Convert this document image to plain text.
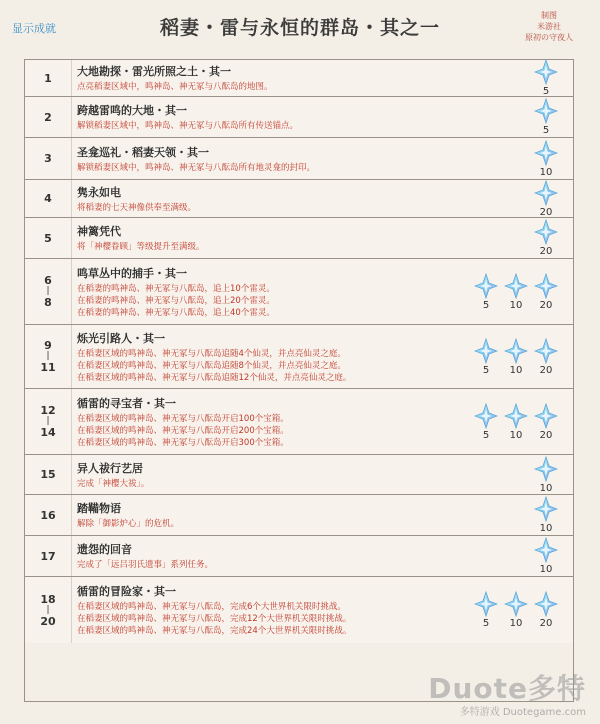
显示成就	稻妻・雷与永恒的群岛・其之一
制图
米游社
原初の守夜人
1 大地勘探・雷光所照之土・其一
点亮稻妻区域中，鸣神岛、神无冢与八酝岛的地图。	5
2 跨越雷鸣的大地・其一
解锁稻妻区域中，鸣神岛、神无冢与八酝岛所有传送锚点。	5
3 圣龛巡礼・稻妻天领・其一
解锁稻妻区域中，鸣神岛、神无冢与八酝岛所有地灵龛的封印。	10
4 隽永如电
将稻妻的七天神像供奉至满级。	20
5 神篱凭代
将「神樱眷顾」等级提升至满级。	20
6
|
8
鸣草丛中的捕手・其一
在稻妻的鸣神岛、神无冢与八酝岛，追上10个雷灵。
在稻妻的鸣神岛、神无冢与八酝岛，追上20个雷灵。
在稻妻的鸣神岛、神无冢与八酝岛，追上40个雷灵。
5 10 20
9
|
11
烁光引路人・其一
在稻妻区域的鸣神岛、神无冢与八酝岛追随4个仙灵，并点亮仙灵之庭。
在稻妻区域的鸣神岛、神无冢与八酝岛追随8个仙灵，并点亮仙灵之庭。
在稻妻区域的鸣神岛、神无冢与八酝岛追随12个仙灵，并点亮仙灵之庭。
5 10 20
12
|
14
循雷的寻宝者・其一
在稻妻区域的鸣神岛、神无冢与八酝岛开启100个宝箱。
在稻妻区域的鸣神岛、神无冢与八酝岛开启200个宝箱。
在稻妻区域的鸣神岛、神无冢与八酝岛开启300个宝箱。
5 10 20
15 异人祓行艺居
完成「神樱大祓」。	10
16 踏鞴物语
解除「御影炉心」的危机。	10
17 遗怨的回音
完成了「远吕羽氏遗事」系列任务。	10
18
|
20
循雷的冒险家・其一
在稻妻区域的鸣神岛、神无冢与八酝岛，完成6个大世界机关限时挑战。
在稻妻区域的鸣神岛、神无冢与八酝岛，完成12个大世界机关限时挑战。
在稻妻区域的鸣神岛、神无冢与八酝岛，完成24个大世界机关限时挑战。
5 10 20
Duote多特
多特游戏 Duotegame.com
